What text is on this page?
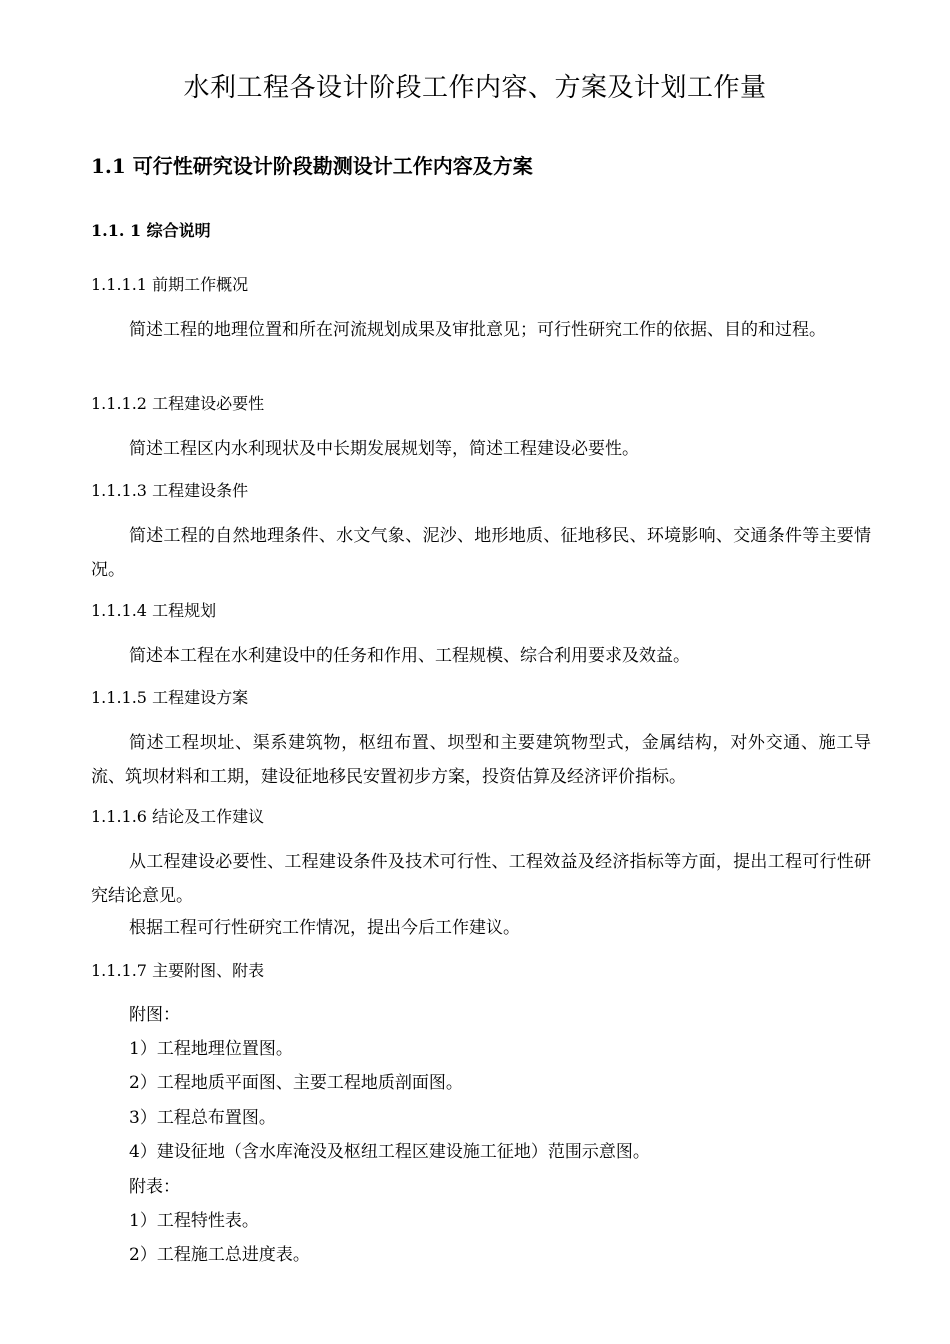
水利工程各设计阶段工作内容、方案及计划工作量
1.1 可行性研究设计阶段勘测设计工作内容及方案
1.1. 1 综合说明
1.1.1.1 前期工作概况

简述工程的地理位置和所在河流规划成果及审批意见；可行性研究工作的依据、目的和过程。

1.1.1.2 工程建设必要性

简述工程区内水利现状及中长期发展规划等，简述工程建设必要性。

1.1.1.3 工程建设条件

简述工程的自然地理条件、水文气象、泥沙、地形地质、征地移民、环境影响、交通条件等主要情况。

1.1.1.4 工程规划

简述本工程在水利建设中的任务和作用、工程规模、综合利用要求及效益。

1.1.1.5 工程建设方案

简述工程坝址、渠系建筑物，枢纽布置、坝型和主要建筑物型式，金属结构，对外交通、施工导流、筑坝材料和工期，建设征地移民安置初步方案，投资估算及经济评价指标。

1.1.1.6 结论及工作建议

从工程建设必要性、工程建设条件及技术可行性、工程效益及经济指标等方面，提出工程可行性研究结论意见。

根据工程可行性研究工作情况，提出今后工作建议。

1.1.1.7 主要附图、附表
附图：
1）工程地理位置图。
2）工程地质平面图、主要工程地质剖面图。
3）工程总布置图。
4）建设征地（含水库淹没及枢纽工程区建设施工征地）范围示意图。
附表：
1）工程特性表。
2）工程施工总进度表。
